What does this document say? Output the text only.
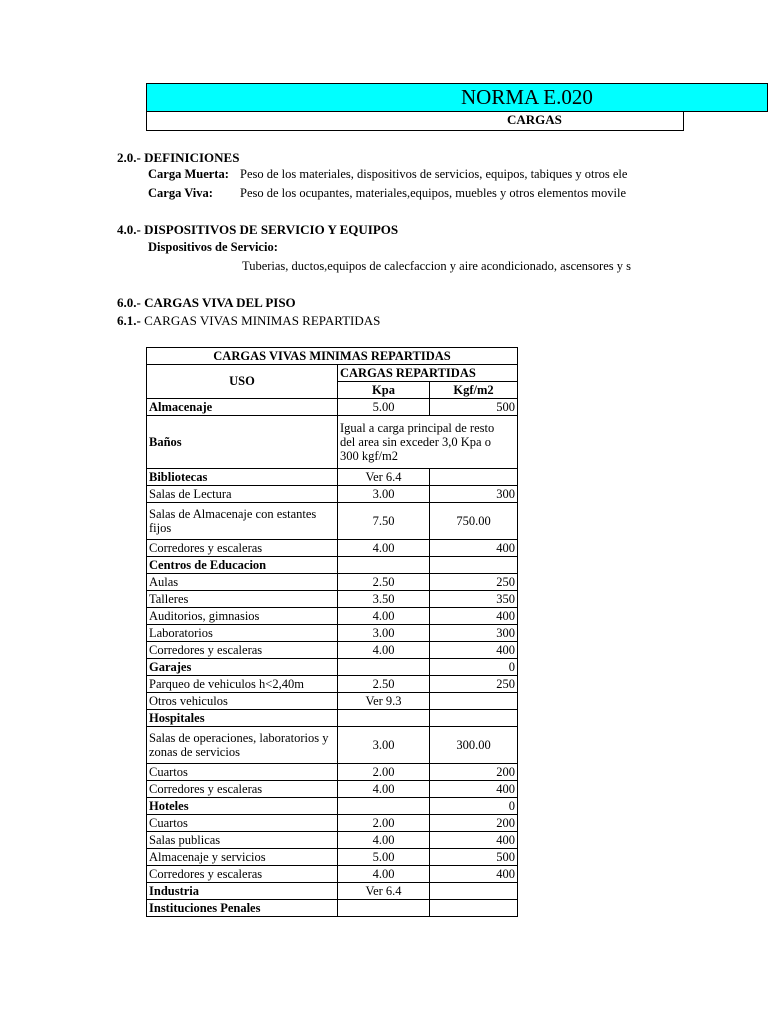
NORMA E.020
CARGAS
2.0.- DEFINICIONES
Carga Muerta: Peso de los materiales, dispositivos de servicios, equipos, tabiques y otros ele
Carga Viva: Peso de los ocupantes, materiales,equipos, muebles y otros elementos movile
4.0.- DISPOSITIVOS DE SERVICIO Y EQUIPOS
Dispositivos de Servicio:
Tuberias, ductos,equipos de calecfaccion y aire acondicionado, ascensores y s
6.0.- CARGAS VIVA DEL PISO
6.1.- CARGAS VIVAS MINIMAS REPARTIDAS
CARGAS VIVAS MINIMAS REPARTIDAS		
USO	CARGAS REPARTIDAS	
	Kpa	Kgf/m2
Almacenaje	5.00	500
Baños	Igual a carga principal de resto del area sin exceder 3,0 Kpa o 300 kgf/m2	
Bibliotecas	Ver 6.4	
Salas de Lectura	3.00	300
Salas de Almacenaje con estantes fijos	7.50	750.00
Corredores y escaleras	4.00	400
Centros de Educacion		
Aulas	2.50	250
Talleres	3.50	350
Auditorios, gimnasios	4.00	400
Laboratorios	3.00	300
Corredores y escaleras	4.00	400
Garajes		0
Parqueo de vehiculos h<2,40m	2.50	250
Otros vehiculos	Ver 9.3	
Hospitales		
Salas de operaciones, laboratorios y zonas de servicios	3.00	300.00
Cuartos	2.00	200
Corredores y escaleras	4.00	400
Hoteles		0
Cuartos	2.00	200
Salas publicas	4.00	400
Almacenaje y servicios	5.00	500
Corredores y escaleras	4.00	400
Industria	Ver 6.4	
Instituciones Penales		
